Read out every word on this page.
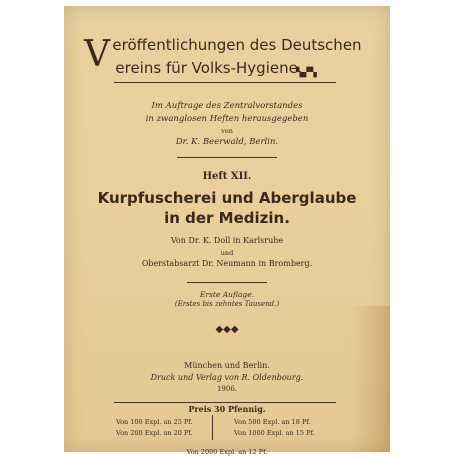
V eröffentlichungen des Deutschen
ereins für Volks-Hygiene.
▚▞▚
Im Auftrage des Zentralvorstandes
in zwanglosen Heften herausgegeben
von
Dr. K. Beerwald, Berlin.
Heft XII.
Kurpfuscherei und Aberglaube
in der Medizin.
Von Dr. K. Doll in Karlsruhe
und
Oberstabsarzt Dr. Neumann in Bromberg.
Erste Auflage.
(Erstes bis zehntes Tausend.)
◆◆◆
München und Berlin.
Druck und Verlag von R. Oldenbourg.
1906.
Preis 30 Pfennig.
Von 100 Expl. an 25 Pf.
Von 200 Expl. an 20 Pf.
Von 500 Expl. an 18 Pf.
Von 1000 Expl. an 15 Pf.
Von 2000 Expl. an 12 Pf.
